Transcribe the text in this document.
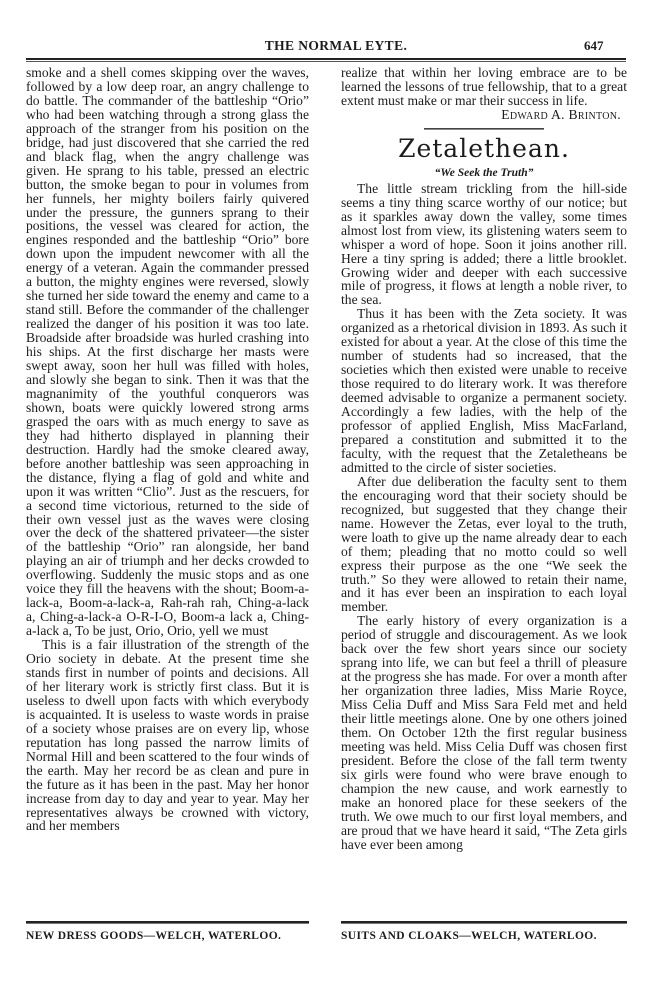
THE NORMAL EYTE.	647

smoke and a shell comes skipping over the waves, followed by a low deep roar, an angry challenge to do battle. The commander of the battleship “Orio” who had been watching through a strong glass the approach of the stranger from his position on the bridge, had just discovered that she carried the red and black flag, when the angry challenge was given. He sprang to his table, pressed an electric button, the smoke began to pour in volumes from her funnels, her mighty boilers fairly quivered under the pressure, the gunners sprang to their positions, the vessel was cleared for action, the engines responded and the battleship “Orio” bore down upon the impudent newcomer with all the energy of a veteran. Again the commander pressed a button, the mighty engines were reversed, slowly she turned her side toward the enemy and came to a stand still. Before the commander of the challenger realized the danger of his position it was too late. Broadside after broadside was hurled crashing into his ships. At the first discharge her masts were swept away, soon her hull was filled with holes, and slowly she began to sink. Then it was that the magnanimity of the youthful conquerors was shown, boats were quickly lowered strong arms grasped the oars with as much energy to save as they had hitherto displayed in planning their destruction. Hardly had the smoke cleared away, before another battleship was seen approaching in the distance, flying a flag of gold and white and upon it was written “Clio”. Just as the rescuers, for a second time victorious, returned to the side of their own vessel just as the waves were closing over the deck of the shattered privateer—the sister of the battleship “Orio” ran alongside, her band playing an air of triumph and her decks crowded to overflowing. Suddenly the music stops and as one voice they fill the heavens with the shout; Boom-a-lack-a, Boom-a-lack-a, Rah-rah rah, Ching-a-lack a, Ching-a-lack-a O-R-I-O, Boom-a lack a, Ching-a-lack a, To be just, Orio, Orio, yell we must

This is a fair illustration of the strength of the Orio society in debate. At the present time she stands first in number of points and decisions. All of her literary work is strictly first class. But it is useless to dwell upon facts with which everybody is acquainted. It is useless to waste words in praise of a society whose praises are on every lip, whose reputation has long passed the narrow limits of Normal Hill and been scattered to the four winds of the earth. May her record be as clean and pure in the future as it has been in the past. May her honor increase from day to day and year to year. May her representatives always be crowned with victory, and her members

realize that within her loving embrace are to be learned the lessons of true fellowship, that to a great extent must make or mar their success in life.
Edward A. Brinton.

Zetalethean.
“We Seek the Truth”

The little stream trickling from the hill-side seems a tiny thing scarce worthy of our notice; but as it sparkles away down the valley, some times almost lost from view, its glistening waters seem to whisper a word of hope. Soon it joins another rill. Here a tiny spring is added; there a little brooklet. Growing wider and deeper with each successive mile of progress, it flows at length a noble river, to the sea.

Thus it has been with the Zeta society. It was organized as a rhetorical division in 1893. As such it existed for about a year. At the close of this time the number of students had so increased, that the societies which then existed were unable to receive those required to do literary work. It was therefore deemed advisable to organize a permanent society. Accordingly a few ladies, with the help of the professor of applied English, Miss MacFarland, prepared a constitution and submitted it to the faculty, with the request that the Zetaletheans be admitted to the circle of sister societies.

After due deliberation the faculty sent to them the encouraging word that their society should be recognized, but suggested that they change their name. However the Zetas, ever loyal to the truth, were loath to give up the name already dear to each of them; pleading that no motto could so well express their purpose as the one “We seek the truth.” So they were allowed to retain their name, and it has ever been an inspiration to each loyal member.

The early history of every organization is a period of struggle and discouragement. As we look back over the few short years since our society sprang into life, we can but feel a thrill of pleasure at the progress she has made. For over a month after her organization three ladies, Miss Marie Royce, Miss Celia Duff and Miss Sara Feld met and held their little meetings alone. One by one others joined them. On October 12th the first regular business meeting was held. Miss Celia Duff was chosen first president. Before the close of the fall term twenty six girls were found who were brave enough to champion the new cause, and work earnestly to make an honored place for these seekers of the truth. We owe much to our first loyal members, and are proud that we have heard it said, “The Zeta girls have ever been among

NEW DRESS GOODS—WELCH, WATERLOO.	SUITS AND CLOAKS—WELCH, WATERLOO.
